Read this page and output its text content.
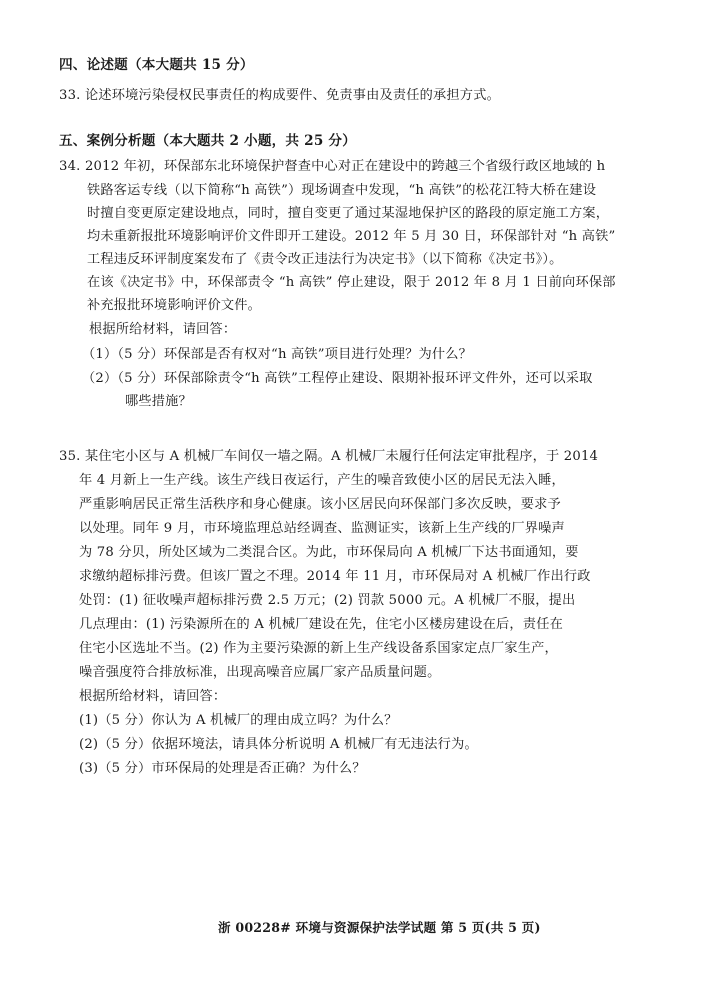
四、论述题（本大题共 15 分）
33. 论述环境污染侵权民事责任的构成要件、免责事由及责任的承担方式。
五、案例分析题（本大题共 2 小题，共 25 分）
34. 2012 年初，环保部东北环境保护督查中心对正在建设中的跨越三个省级行政区地域的 h
铁路客运专线（以下简称“h 高铁”）现场调查中发现，“h 高铁”的松花江特大桥在建设
时擅自变更原定建设地点，同时，擅自变更了通过某湿地保护区的路段的原定施工方案，
均未重新报批环境影响评价文件即开工建设。2012 年 5 月 30 日，环保部针对 “h 高铁”
工程违反环评制度案发布了《责令改正违法行为决定书》（以下简称《决定书》）。
在该《决定书》中，环保部责令 “h 高铁” 停止建设，限于 2012 年 8 月 1 日前向环保部
补充报批环境影响评价文件。
根据所给材料，请回答：
（1）（5 分）环保部是否有权对“h 高铁”项目进行处理？为什么？
（2）（5 分）环保部除责令“h 高铁”工程停止建设、限期补报环评文件外，还可以采取
哪些措施？
35. 某住宅小区与 A 机械厂车间仅一墙之隔。A 机械厂未履行任何法定审批程序，于 2014
年 4 月新上一生产线。该生产线日夜运行，产生的噪音致使小区的居民无法入睡，
严重影响居民正常生活秩序和身心健康。该小区居民向环保部门多次反映，要求予
以处理。同年 9 月，市环境监理总站经调查、监测证实，该新上生产线的厂界噪声
为 78 分贝，所处区域为二类混合区。为此，市环保局向 A 机械厂下达书面通知，要
求缴纳超标排污费。但该厂置之不理。2014 年 11 月，市环保局对 A 机械厂作出行政
处罚：(1) 征收噪声超标排污费 2.5 万元；(2) 罚款 5000 元。A 机械厂不服，提出
几点理由：(1) 污染源所在的 A 机械厂建设在先，住宅小区楼房建设在后，责任在
住宅小区选址不当。(2) 作为主要污染源的新上生产线设备系国家定点厂家生产，
噪音强度符合排放标准，出现高噪音应属厂家产品质量问题。
根据所给材料，请回答：
(1)（5 分）你认为 A 机械厂的理由成立吗？为什么？
(2)（5 分）依据环境法，请具体分析说明 A 机械厂有无违法行为。
(3)（5 分）市环保局的处理是否正确？为什么？
浙 00228# 环境与资源保护法学试题 第 5 页(共 5 页)
